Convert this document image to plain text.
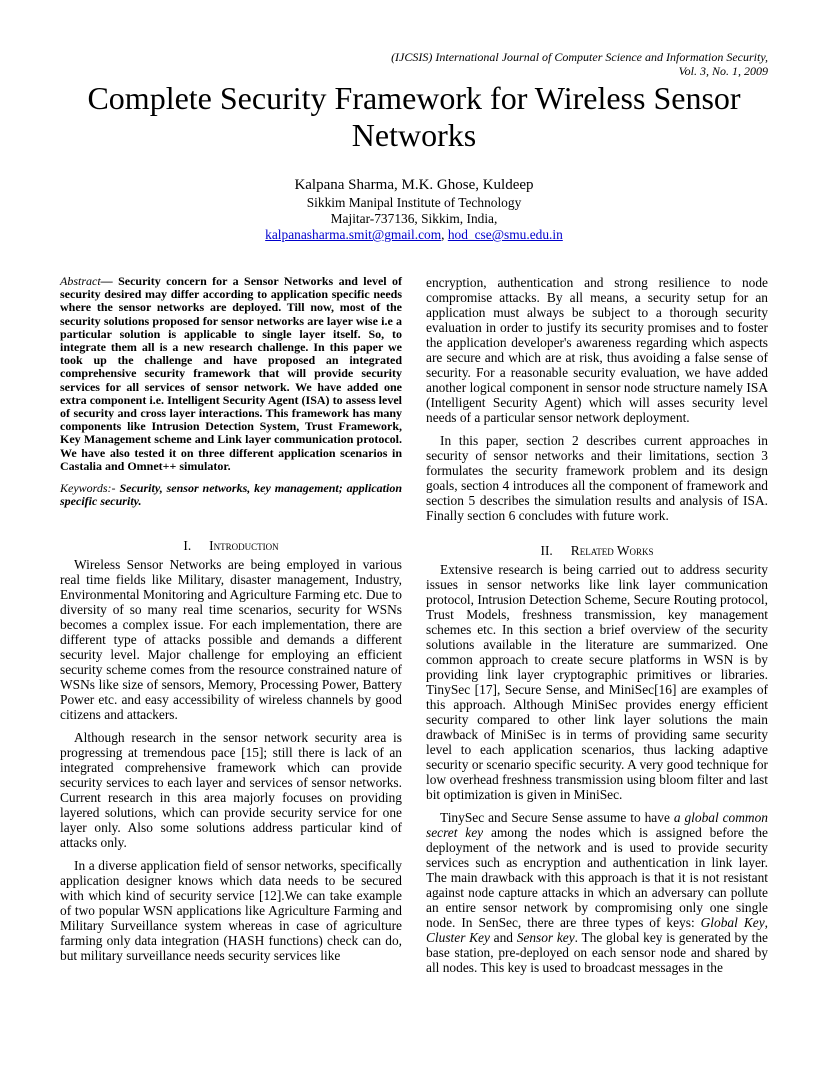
(IJCSIS) International Journal of Computer Science and Information Security,
Vol. 3, No. 1, 2009
Complete Security Framework for Wireless Sensor Networks
Kalpana Sharma, M.K. Ghose, Kuldeep
Sikkim Manipal Institute of Technology
Majitar-737136, Sikkim, India,
kalpanasharma.smit@gmail.com, hod_cse@smu.edu.in

Abstract— Security concern for a Sensor Networks and level of security desired may differ according to application specific needs where the sensor networks are deployed. Till now, most of the security solutions proposed for sensor networks are layer wise i.e a particular solution is applicable to single layer itself. So, to integrate them all is a new research challenge. In this paper we took up the challenge and have proposed an integrated comprehensive security framework that will provide security services for all services of sensor network. We have added one extra component i.e. Intelligent Security Agent (ISA) to assess level of security and cross layer interactions. This framework has many components like Intrusion Detection System, Trust Framework, Key Management scheme and Link layer communication protocol. We have also tested it on three different application scenarios in Castalia and Omnet++ simulator.

Keywords:- Security, sensor networks, key management; application specific security.

I. Introduction

Wireless Sensor Networks are being employed in various real time fields like Military, disaster management, Industry, Environmental Monitoring and Agriculture Farming etc. Due to diversity of so many real time scenarios, security for WSNs becomes a complex issue. For each implementation, there are different type of attacks possible and demands a different security level. Major challenge for employing an efficient security scheme comes from the resource constrained nature of WSNs like size of sensors, Memory, Processing Power, Battery Power etc. and easy accessibility of wireless channels by good citizens and attackers.

Although research in the sensor network security area is progressing at tremendous pace [15]; still there is lack of an integrated comprehensive framework which can provide security services to each layer and services of sensor networks. Current research in this area majorly focuses on providing layered solutions, which can provide security service for one layer only. Also some solutions address particular kind of attacks only.

In a diverse application field of sensor networks, specifically application designer knows which data needs to be secured with which kind of security service [12].We can take example of two popular WSN applications like Agriculture Farming and Military Surveillance system whereas in case of agriculture farming only data integration (HASH functions) check can do, but military surveillance needs security services like

encryption, authentication and strong resilience to node compromise attacks. By all means, a security setup for an application must always be subject to a thorough security evaluation in order to justify its security promises and to foster the application developer's awareness regarding which aspects are secure and which are at risk, thus avoiding a false sense of security. For a reasonable security evaluation, we have added another logical component in sensor node structure namely ISA (Intelligent Security Agent) which will asses security level needs of a particular sensor network deployment.

In this paper, section 2 describes current approaches in security of sensor networks and their limitations, section 3 formulates the security framework problem and its design goals, section 4 introduces all the component of framework and section 5 describes the simulation results and analysis of ISA. Finally section 6 concludes with future work.

II. Related Works

Extensive research is being carried out to address security issues in sensor networks like link layer communication protocol, Intrusion Detection Scheme, Secure Routing protocol, Trust Models, freshness transmission, key management schemes etc. In this section a brief overview of the security solutions available in the literature are summarized. One common approach to create secure platforms in WSN is by providing link layer cryptographic primitives or libraries. TinySec [17], Secure Sense, and MiniSec[16] are examples of this approach. Although MiniSec provides energy efficient security compared to other link layer solutions the main drawback of MiniSec is in terms of providing same security level to each application scenarios, thus lacking adaptive security or scenario specific security. A very good technique for low overhead freshness transmission using bloom filter and last bit optimization is given in MiniSec.

TinySec and Secure Sense assume to have a global common secret key among the nodes which is assigned before the deployment of the network and is used to provide security services such as encryption and authentication in link layer. The main drawback with this approach is that it is not resistant against node capture attacks in which an adversary can pollute an entire sensor network by compromising only one single node. In SenSec, there are three types of keys: Global Key, Cluster Key and Sensor key. The global key is generated by the base station, pre-deployed on each sensor node and shared by all nodes. This key is used to broadcast messages in the
